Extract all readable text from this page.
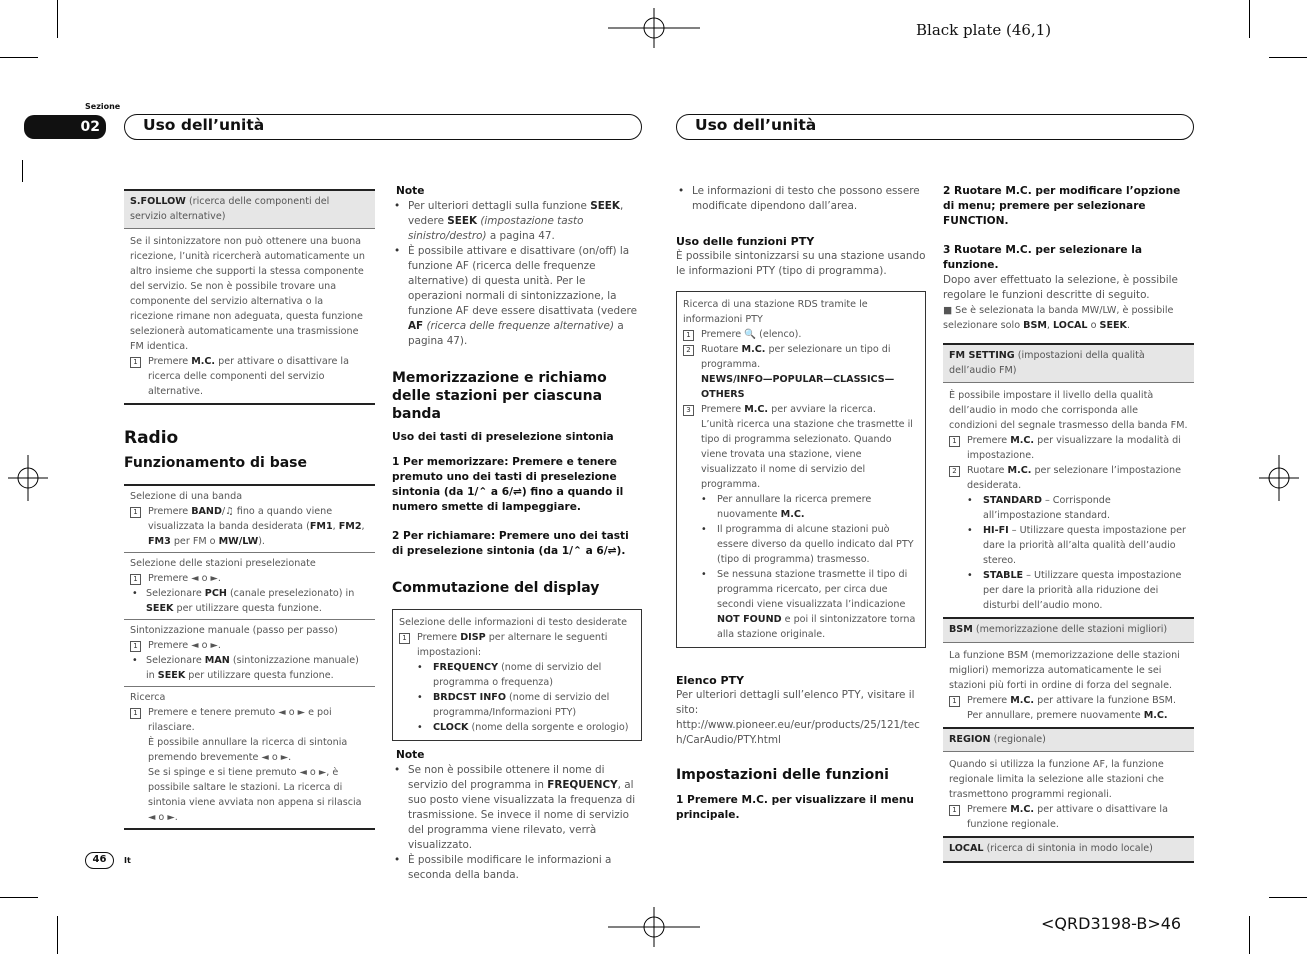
Black plate (46,1)
<QRD3198-B>46
Sezione
02	Uso dell’unità	Uso dell’unità
46	It
S.FOLLOW (ricerca delle componenti del servizio alternative)
Se il sintonizzatore non può ottenere una buona ricezione, l’unità ricercherà automaticamente un altro insieme che supporti la stessa componente del servizio. Se non è possibile trovare una componente del servizio alternativa o la ricezione rimane non adeguata, questa funzione selezionerà automaticamente una trasmissione FM identica.
1	Premere M.C. per attivare o disattivare la ricerca delle componenti del servizio alternative.
Radio
Funzionamento di base
Selezione di una banda
1	Premere BAND/♫ fino a quando viene visualizzata la banda desiderata (FM1, FM2, FM3 per FM o MW/LW).
Selezione delle stazioni preselezionate
1	Premere ◄ o ►.
• Selezionare PCH (canale preselezionato) in SEEK per utilizzare questa funzione.
Sintonizzazione manuale (passo per passo)
1	Premere ◄ o ►.
• Selezionare MAN (sintonizzazione manuale) in SEEK per utilizzare questa funzione.
Ricerca
1	Premere e tenere premuto ◄ o ► e poi rilasciare.
È possibile annullare la ricerca di sintonia premendo brevemente ◄ o ►.
Se si spinge e si tiene premuto ◄ o ►, è possibile saltare le stazioni. La ricerca di sintonia viene avviata non appena si rilascia ◄ o ►.
Note
• Per ulteriori dettagli sulla funzione SEEK, vedere SEEK (impostazione tasto sinistro/destro) a pagina 47.
• È possibile attivare e disattivare (on/off) la funzione AF (ricerca delle frequenze alternative) di questa unità. Per le operazioni normali di sintonizzazione, la funzione AF deve essere disattivata (vedere AF (ricerca delle frequenze alternative) a pagina 47).
Memorizzazione e richiamo delle stazioni per ciascuna banda
Uso dei tasti di preselezione sintonia
1 Per memorizzare: Premere e tenere premuto uno dei tasti di preselezione sintonia (da 1/⌃ a 6/⇌) fino a quando il numero smette di lampeggiare.
2 Per richiamare: Premere uno dei tasti di preselezione sintonia (da 1/⌃ a 6/⇌).
Commutazione del display
Selezione delle informazioni di testo desiderate
1	Premere DISP per alternare le seguenti impostazioni:
• FREQUENCY (nome di servizio del programma o frequenza)
• BRDCST INFO (nome di servizio del programma/Informazioni PTY)
• CLOCK (nome della sorgente e orologio)
Note
• Se non è possibile ottenere il nome di servizio del programma in FREQUENCY, al suo posto viene visualizzata la frequenza di trasmissione. Se invece il nome di servizio del programma viene rilevato, verrà visualizzato.
• È possibile modificare le informazioni a seconda della banda.
• Le informazioni di testo che possono essere modificate dipendono dall’area.
Uso delle funzioni PTY
È possibile sintonizzarsi su una stazione usando le informazioni PTY (tipo di programma).
Ricerca di una stazione RDS tramite le informazioni PTY
1	Premere 🔍 (elenco).
2	Ruotare M.C. per selezionare un tipo di programma.
NEWS/INFO—POPULAR—CLASSICS—OTHERS
3	Premere M.C. per avviare la ricerca.
L’unità ricerca una stazione che trasmette il tipo di programma selezionato. Quando viene trovata una stazione, viene visualizzato il nome di servizio del programma.
• Per annullare la ricerca premere nuovamente M.C.
• Il programma di alcune stazioni può essere diverso da quello indicato dal PTY (tipo di programma) trasmesso.
• Se nessuna stazione trasmette il tipo di programma ricercato, per circa due secondi viene visualizzata l’indicazione NOT FOUND e poi il sintonizzatore torna alla stazione originale.
Elenco PTY
Per ulteriori dettagli sull’elenco PTY, visitare il sito:
http://www.pioneer.eu/eur/products/25/121/tech/CarAudio/PTY.html
Impostazioni delle funzioni
1 Premere M.C. per visualizzare il menu principale.
2 Ruotare M.C. per modificare l’opzione di menu; premere per selezionare FUNCTION.
3 Ruotare M.C. per selezionare la funzione.
Dopo aver effettuato la selezione, è possibile regolare le funzioni descritte di seguito.
■ Se è selezionata la banda MW/LW, è possibile selezionare solo BSM, LOCAL o SEEK.
FM SETTING (impostazioni della qualità dell’audio FM)
È possibile impostare il livello della qualità dell’audio in modo che corrisponda alle condizioni del segnale trasmesso della banda FM.
1	Premere M.C. per visualizzare la modalità di impostazione.
2	Ruotare M.C. per selezionare l’impostazione desiderata.
• STANDARD – Corrisponde all’impostazione standard.
• HI-FI – Utilizzare questa impostazione per dare la priorità all’alta qualità dell’audio stereo.
• STABLE – Utilizzare questa impostazione per dare la priorità alla riduzione dei disturbi dell’audio mono.
BSM (memorizzazione delle stazioni migliori)
La funzione BSM (memorizzazione delle stazioni migliori) memorizza automaticamente le sei stazioni più forti in ordine di forza del segnale.
1	Premere M.C. per attivare la funzione BSM.
Per annullare, premere nuovamente M.C.
REGION (regionale)
Quando si utilizza la funzione AF, la funzione regionale limita la selezione alle stazioni che trasmettono programmi regionali.
1	Premere M.C. per attivare o disattivare la funzione regionale.
LOCAL (ricerca di sintonia in modo locale)
